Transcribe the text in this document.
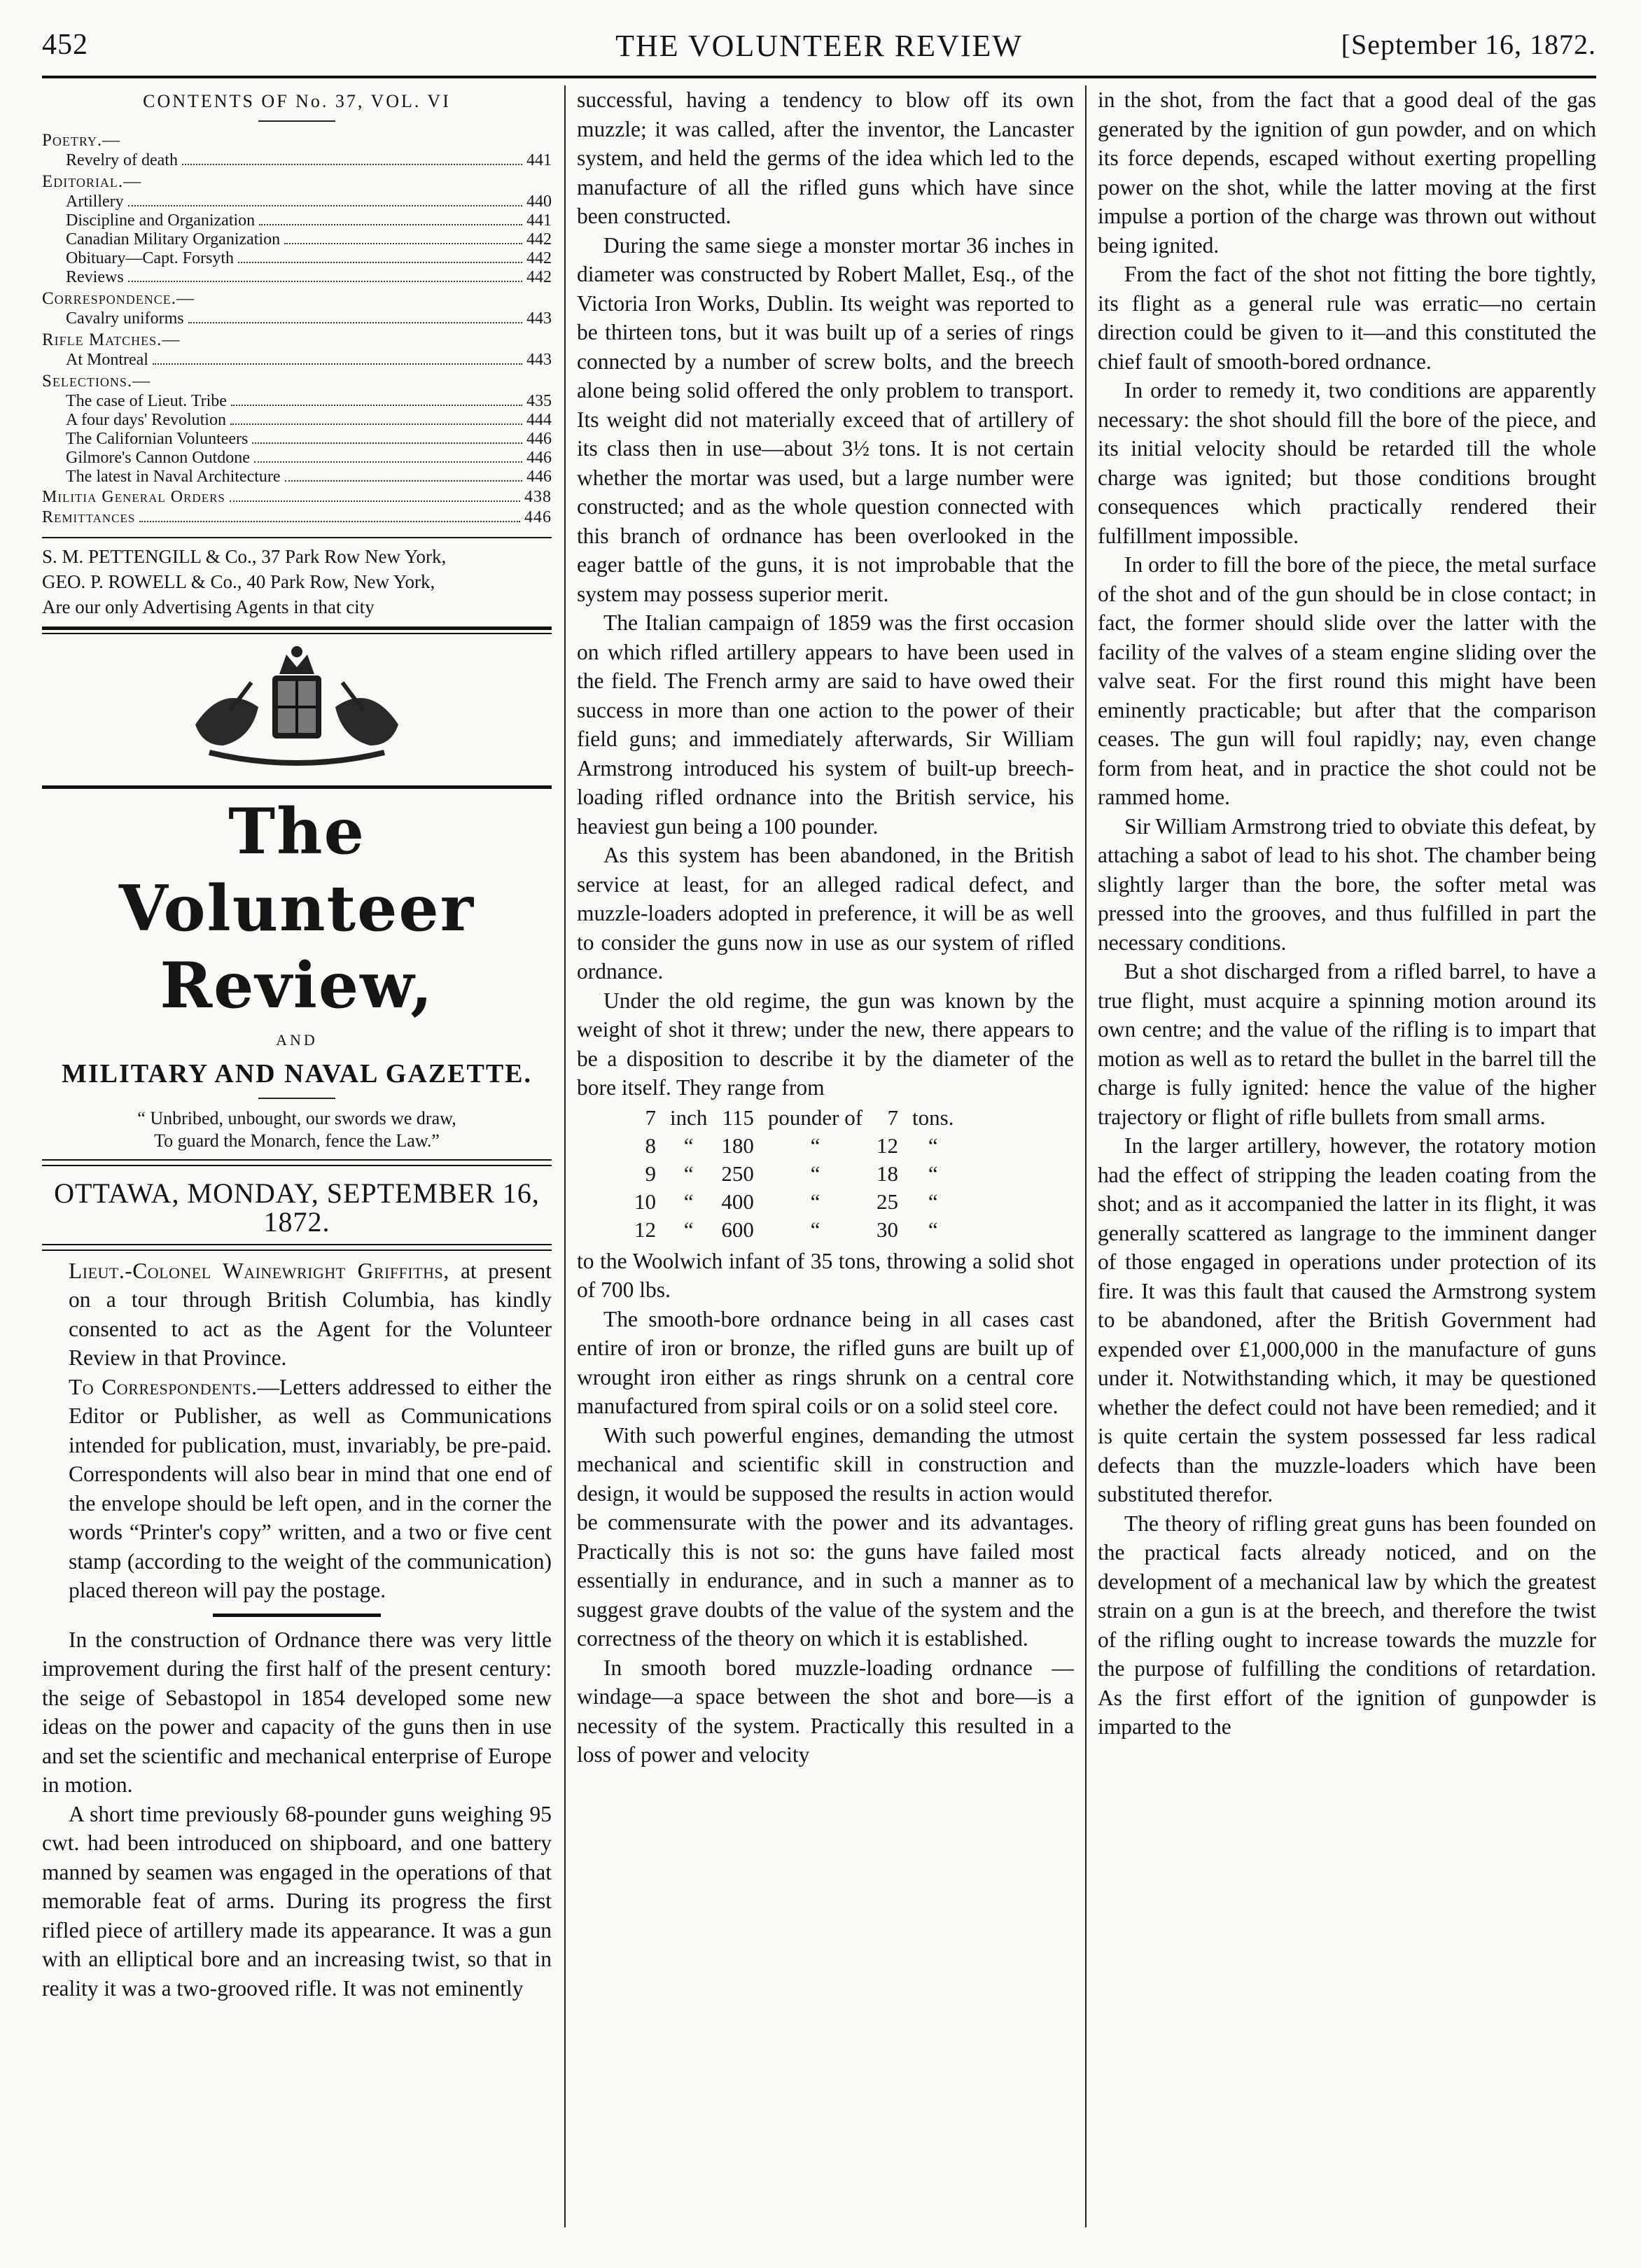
452	THE VOLUNTEER REVIEW	[September 16, 1872.
CONTENTS OF No. 37, VOL. VI
Poetry.—
Revelry of death	441
Editorial.—
Artillery	440
Discipline and Organization	441
Canadian Military Organization	442
Obituary—Capt. Forsyth	442
Reviews	442
Correspondence.—
Cavalry uniforms	443
Rifle Matches.—
At Montreal	443
Selections.—
The case of Lieut. Tribe	435
A four days' Revolution	444
The Californian Volunteers	446
Gilmore's Cannon Outdone	446
The latest in Naval Architecture	446
Militia General Orders	438
Remittances	446
S. M. PETTENGILL & Co., 37 Park Row New York,
GEO. P. ROWELL & Co., 40 Park Row, New York,
Are our only Advertising Agents in that city
The Volunteer Review,
AND
MILITARY AND NAVAL GAZETTE.
“ Unbribed, unbought, our swords we draw,
To guard the Monarch, fence the Law.”
OTTAWA, MONDAY, SEPTEMBER 16, 1872.

Lieut.-Colonel Wainewright Griffiths, at present on a tour through British Columbia, has kindly consented to act as the Agent for the Volunteer Review in that Province.

To Correspondents.—Letters addressed to either the Editor or Publisher, as well as Communications intended for publication, must, invariably, be pre-paid. Correspondents will also bear in mind that one end of the envelope should be left open, and in the corner the words “Printer's copy” written, and a two or five cent stamp (according to the weight of the communication) placed thereon will pay the postage.

In the construction of Ordnance there was very little improvement during the first half of the present century: the seige of Sebastopol in 1854 developed some new ideas on the power and capacity of the guns then in use and set the scientific and mechanical enterprise of Europe in motion.

A short time previously 68-pounder guns weighing 95 cwt. had been introduced on shipboard, and one battery manned by seamen was engaged in the operations of that memorable feat of arms. During its progress the first rifled piece of artillery made its appearance. It was a gun with an elliptical bore and an increasing twist, so that in reality it was a two-grooved rifle. It was not eminently

successful, having a tendency to blow off its own muzzle; it was called, after the inventor, the Lancaster system, and held the germs of the idea which led to the manufacture of all the rifled guns which have since been constructed.

During the same siege a monster mortar 36 inches in diameter was constructed by Robert Mallet, Esq., of the Victoria Iron Works, Dublin. Its weight was reported to be thirteen tons, but it was built up of a series of rings connected by a number of screw bolts, and the breech alone being solid offered the only problem to transport. Its weight did not materially exceed that of artillery of its class then in use—about 3½ tons. It is not certain whether the mortar was used, but a large number were constructed; and as the whole question connected with this branch of ordnance has been overlooked in the eager battle of the guns, it is not improbable that the system may possess superior merit.

The Italian campaign of 1859 was the first occasion on which rifled artillery appears to have been used in the field. The French army are said to have owed their success in more than one action to the power of their field guns; and immediately afterwards, Sir William Armstrong introduced his system of built-up breech-loading rifled ordnance into the British service, his heaviest gun being a 100 pounder.

As this system has been abandoned, in the British service at least, for an alleged radical defect, and muzzle-loaders adopted in preference, it will be as well to consider the guns now in use as our system of rifled ordnance.

Under the old regime, the gun was known by the weight of shot it threw; under the new, there appears to be a disposition to describe it by the diameter of the bore itself. They range from

7	inch	115	pounder of	7	tons.
8	“	180	“	12	“
9	“	250	“	18	“
10	“	400	“	25	“
12	“	600	“	30	“

to the Woolwich infant of 35 tons, throwing a solid shot of 700 lbs.

The smooth-bore ordnance being in all cases cast entire of iron or bronze, the rifled guns are built up of wrought iron either as rings shrunk on a central core manufactured from spiral coils or on a solid steel core.

With such powerful engines, demanding the utmost mechanical and scientific skill in construction and design, it would be supposed the results in action would be commensurate with the power and its advantages. Practically this is not so: the guns have failed most essentially in endurance, and in such a manner as to suggest grave doubts of the value of the system and the correctness of the theory on which it is established.

In smooth bored muzzle-loading ordnance —windage—a space between the shot and bore—is a necessity of the system. Practically this resulted in a loss of power and velocity

in the shot, from the fact that a good deal of the gas generated by the ignition of gun powder, and on which its force depends, escaped without exerting propelling power on the shot, while the latter moving at the first impulse a portion of the charge was thrown out without being ignited.

From the fact of the shot not fitting the bore tightly, its flight as a general rule was erratic—no certain direction could be given to it—and this constituted the chief fault of smooth-bored ordnance.

In order to remedy it, two conditions are apparently necessary: the shot should fill the bore of the piece, and its initial velocity should be retarded till the whole charge was ignited; but those conditions brought consequences which practically rendered their fulfillment impossible.

In order to fill the bore of the piece, the metal surface of the shot and of the gun should be in close contact; in fact, the former should slide over the latter with the facility of the valves of a steam engine sliding over the valve seat. For the first round this might have been eminently practicable; but after that the comparison ceases. The gun will foul rapidly; nay, even change form from heat, and in practice the shot could not be rammed home.

Sir William Armstrong tried to obviate this defeat, by attaching a sabot of lead to his shot. The chamber being slightly larger than the bore, the softer metal was pressed into the grooves, and thus fulfilled in part the necessary conditions.

But a shot discharged from a rifled barrel, to have a true flight, must acquire a spinning motion around its own centre; and the value of the rifling is to impart that motion as well as to retard the bullet in the barrel till the charge is fully ignited: hence the value of the higher trajectory or flight of rifle bullets from small arms.

In the larger artillery, however, the rotatory motion had the effect of stripping the leaden coating from the shot; and as it accompanied the latter in its flight, it was generally scattered as langrage to the imminent danger of those engaged in operations under protection of its fire. It was this fault that caused the Armstrong system to be abandoned, after the British Government had expended over £1,000,000 in the manufacture of guns under it. Notwithstanding which, it may be questioned whether the defect could not have been remedied; and it is quite certain the system possessed far less radical defects than the muzzle-loaders which have been substituted therefor.

The theory of rifling great guns has been founded on the practical facts already noticed, and on the development of a mechanical law by which the greatest strain on a gun is at the breech, and therefore the twist of the rifling ought to increase towards the muzzle for the purpose of fulfilling the conditions of retardation. As the first effort of the ignition of gunpowder is imparted to the
